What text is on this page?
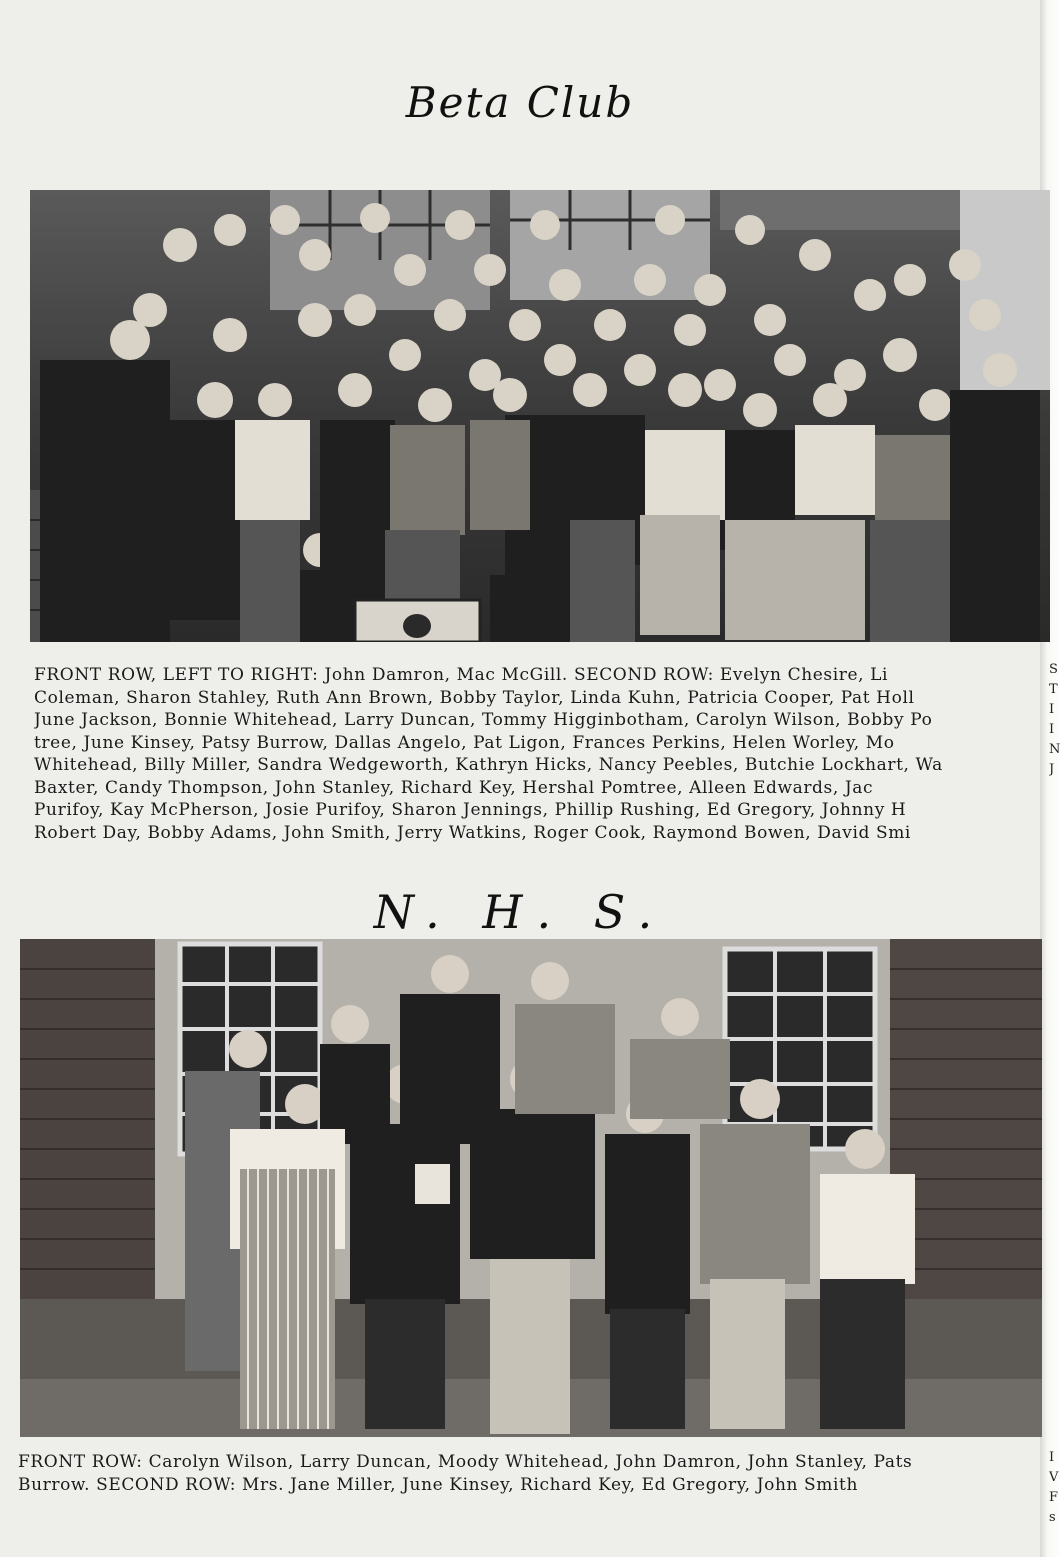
Beta Club
FRONT ROW, LEFT TO RIGHT: John Damron, Mac McGill. SECOND ROW: Evelyn Chesire, Li
Coleman, Sharon Stahley, Ruth Ann Brown, Bobby Taylor, Linda Kuhn, Patricia Cooper, Pat Holl
June Jackson, Bonnie Whitehead, Larry Duncan, Tommy Higginbotham, Carolyn Wilson, Bobby Po
tree, June Kinsey, Patsy Burrow, Dallas Angelo, Pat Ligon, Frances Perkins, Helen Worley, Mo
Whitehead, Billy Miller, Sandra Wedgeworth, Kathryn Hicks, Nancy Peebles, Butchie Lockhart, Wa
Baxter, Candy Thompson, John Stanley, Richard Key, Hershal Pomtree, Alleen Edwards, Jac
Purifoy, Kay McPherson, Josie Purifoy, Sharon Jennings, Phillip Rushing, Ed Gregory, Johnny H
Robert Day, Bobby Adams, John Smith, Jerry Watkins, Roger Cook, Raymond Bowen, David Smi
N. H. S.
FRONT ROW: Carolyn Wilson, Larry Duncan, Moody Whitehead, John Damron, John Stanley, Pats
Burrow. SECOND ROW: Mrs. Jane Miller, June Kinsey, Richard Key, Ed Gregory, John Smith
S
T
I
I
N
J
I
V
F
s
